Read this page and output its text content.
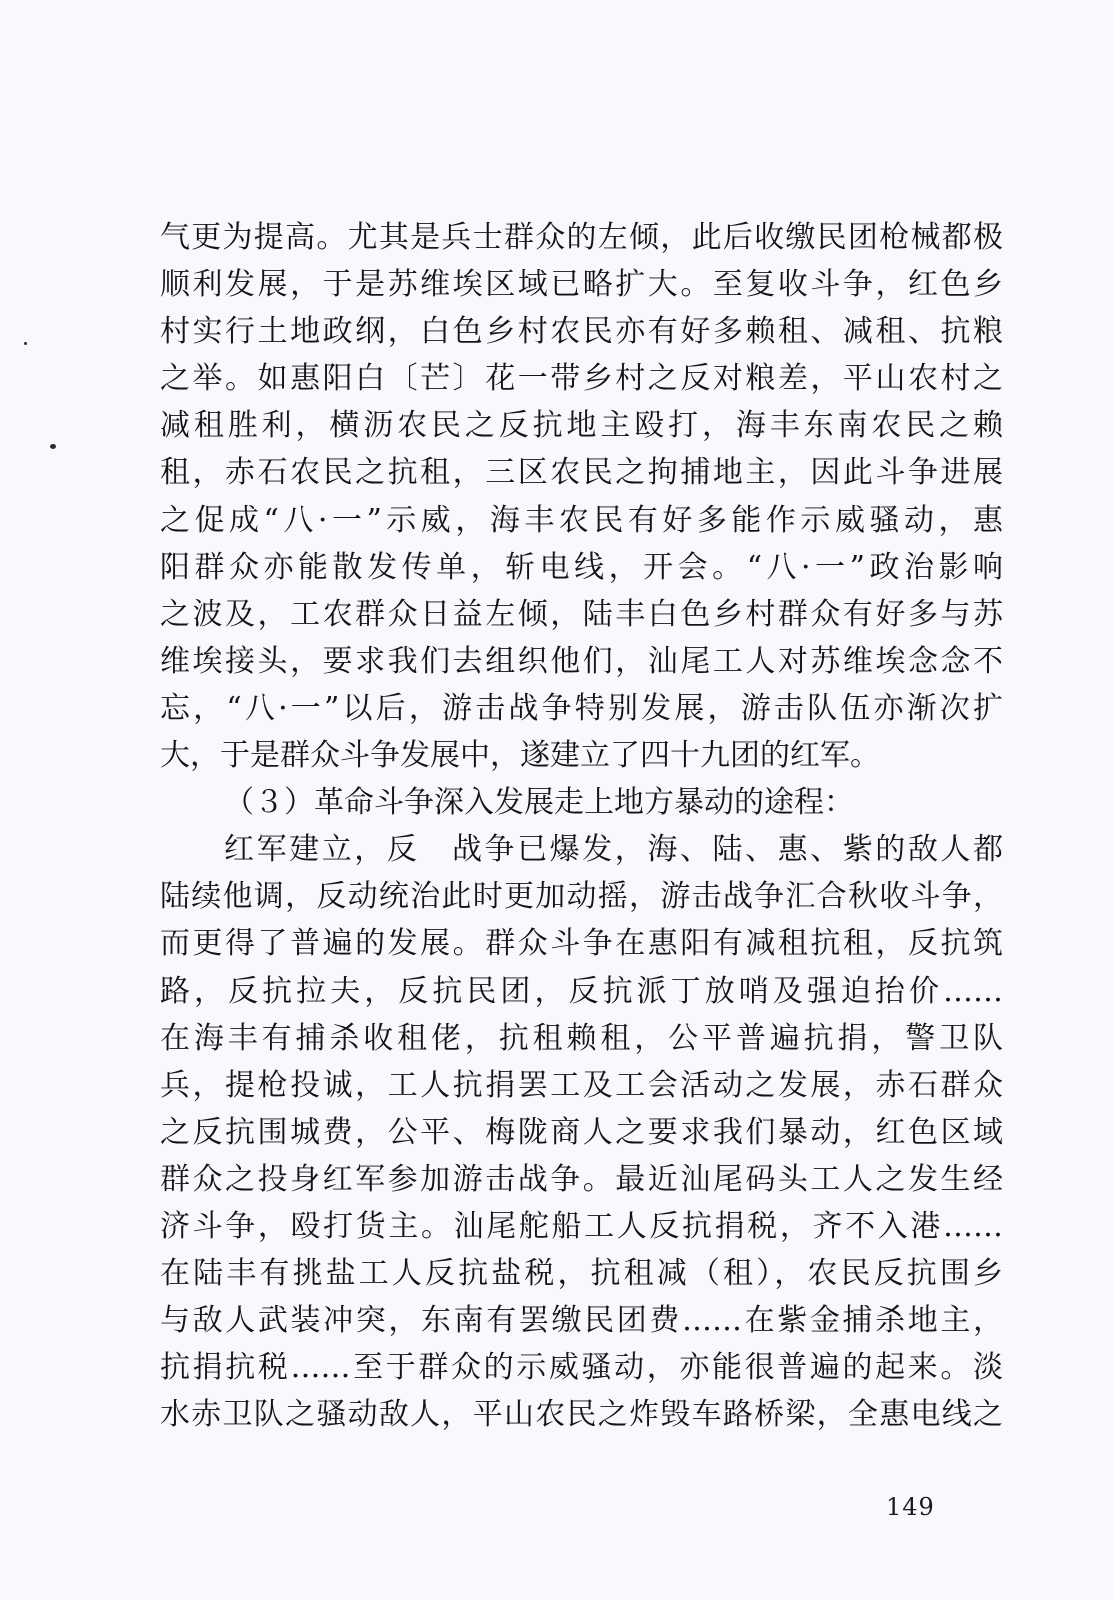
气更为提高。尤其是兵士群众的左倾，此后收缴民团枪械都极
顺利发展，于是苏维埃区域已略扩大。至复收斗争，红色乡
村实行土地政纲，白色乡村农民亦有好多赖租、减租、抗粮
之举。如惠阳白〔芒〕花一带乡村之反对粮差，平山农村之
减租胜利，横沥农民之反抗地主殴打，海丰东南农民之赖
租，赤石农民之抗租，三区农民之拘捕地主，因此斗争进展
之促成“八·一”示威，海丰农民有好多能作示威骚动，惠
阳群众亦能散发传单，斩电线，开会。“八·一”政治影响
之波及，工农群众日益左倾，陆丰白色乡村群众有好多与苏
维埃接头，要求我们去组织他们，汕尾工人对苏维埃念念不
忘，“八·一”以后，游击战争特别发展，游击队伍亦渐次扩
大，于是群众斗争发展中，遂建立了四十九团的红军。
（３）革命斗争深入发展走上地方暴动的途程：
红军建立，反　战争已爆发，海、陆、惠、紫的敌人都
陆续他调，反动统治此时更加动摇，游击战争汇合秋收斗争，
而更得了普遍的发展。群众斗争在惠阳有减租抗租，反抗筑
路，反抗拉夫，反抗民团，反抗派丁放哨及强迫抬价……
在海丰有捕杀收租佬，抗租赖租，公平普遍抗捐，警卫队
兵，提枪投诚，工人抗捐罢工及工会活动之发展，赤石群众
之反抗围城费，公平、梅陇商人之要求我们暴动，红色区域
群众之投身红军参加游击战争。最近汕尾码头工人之发生经
济斗争，殴打货主。汕尾舵船工人反抗捐税，齐不入港……
在陆丰有挑盐工人反抗盐税，抗租减（租），农民反抗围乡
与敌人武装冲突，东南有罢缴民团费……在紫金捕杀地主，
抗捐抗税……至于群众的示威骚动，亦能很普遍的起来。淡
水赤卫队之骚动敌人，平山农民之炸毁车路桥梁，全惠电线之
149
